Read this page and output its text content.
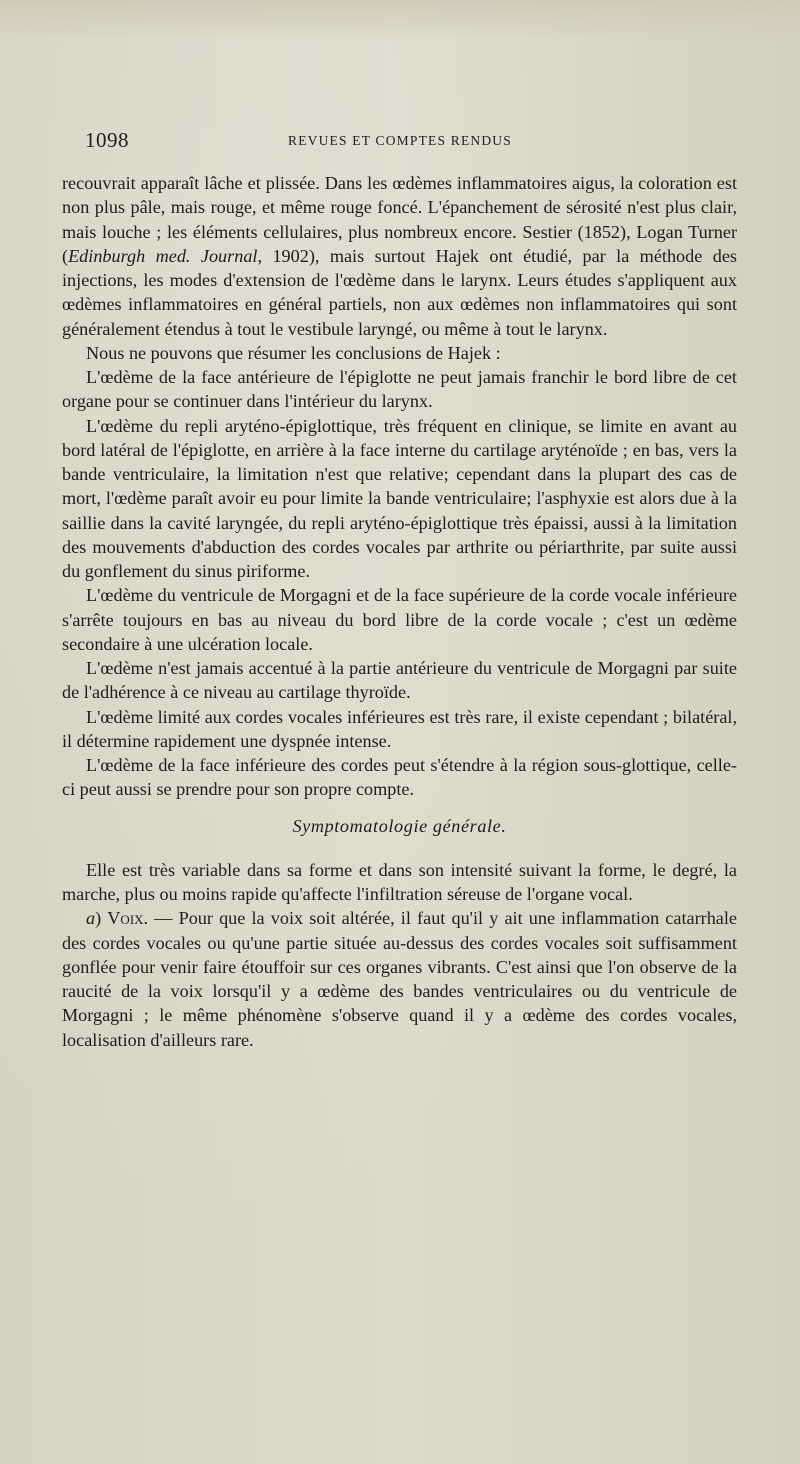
1098	REVUES ET COMPTES RENDUS

recouvrait apparaît lâche et plissée. Dans les œdèmes inflammatoires aigus, la coloration est non plus pâle, mais rouge, et même rouge foncé. L'épanchement de sérosité n'est plus clair, mais louche ; les éléments cellulaires, plus nombreux encore. Sestier (1852), Logan Turner (Edinburgh med. Journal, 1902), mais surtout Hajek ont étudié, par la méthode des injections, les modes d'extension de l'œdème dans le larynx. Leurs études s'appliquent aux œdèmes inflammatoires en général partiels, non aux œdèmes non inflammatoires qui sont généralement étendus à tout le vestibule laryngé, ou même à tout le larynx.

Nous ne pouvons que résumer les conclusions de Hajek :

L'œdème de la face antérieure de l'épiglotte ne peut jamais franchir le bord libre de cet organe pour se continuer dans l'intérieur du larynx.

L'œdème du repli aryténo-épiglottique, très fréquent en clinique, se limite en avant au bord latéral de l'épiglotte, en arrière à la face interne du cartilage aryténoïde ; en bas, vers la bande ventriculaire, la limitation n'est que relative; cependant dans la plupart des cas de mort, l'œdème paraît avoir eu pour limite la bande ventriculaire; l'asphyxie est alors due à la saillie dans la cavité laryngée, du repli aryténo-épiglottique très épaissi, aussi à la limitation des mouvements d'abduction des cordes vocales par arthrite ou périarthrite, par suite aussi du gonflement du sinus piriforme.

L'œdème du ventricule de Morgagni et de la face supérieure de la corde vocale inférieure s'arrête toujours en bas au niveau du bord libre de la corde vocale ; c'est un œdème secondaire à une ulcération locale.

L'œdème n'est jamais accentué à la partie antérieure du ventricule de Morgagni par suite de l'adhérence à ce niveau au cartilage thyroïde.

L'œdème limité aux cordes vocales inférieures est très rare, il existe cependant ; bilatéral, il détermine rapidement une dyspnée intense.

L'œdème de la face inférieure des cordes peut s'étendre à la région sous-glottique, celle-ci peut aussi se prendre pour son propre compte.

Symptomatologie générale.

Elle est très variable dans sa forme et dans son intensité suivant la forme, le degré, la marche, plus ou moins rapide qu'affecte l'infiltration séreuse de l'organe vocal.

a) Voix. — Pour que la voix soit altérée, il faut qu'il y ait une inflammation catarrhale des cordes vocales ou qu'une partie située au-dessus des cordes vocales soit suffisamment gonflée pour venir faire étouffoir sur ces organes vibrants. C'est ainsi que l'on observe de la raucité de la voix lorsqu'il y a œdème des bandes ventriculaires ou du ventricule de Morgagni ; le même phénomène s'observe quand il y a œdème des cordes vocales, localisation d'ailleurs rare.
